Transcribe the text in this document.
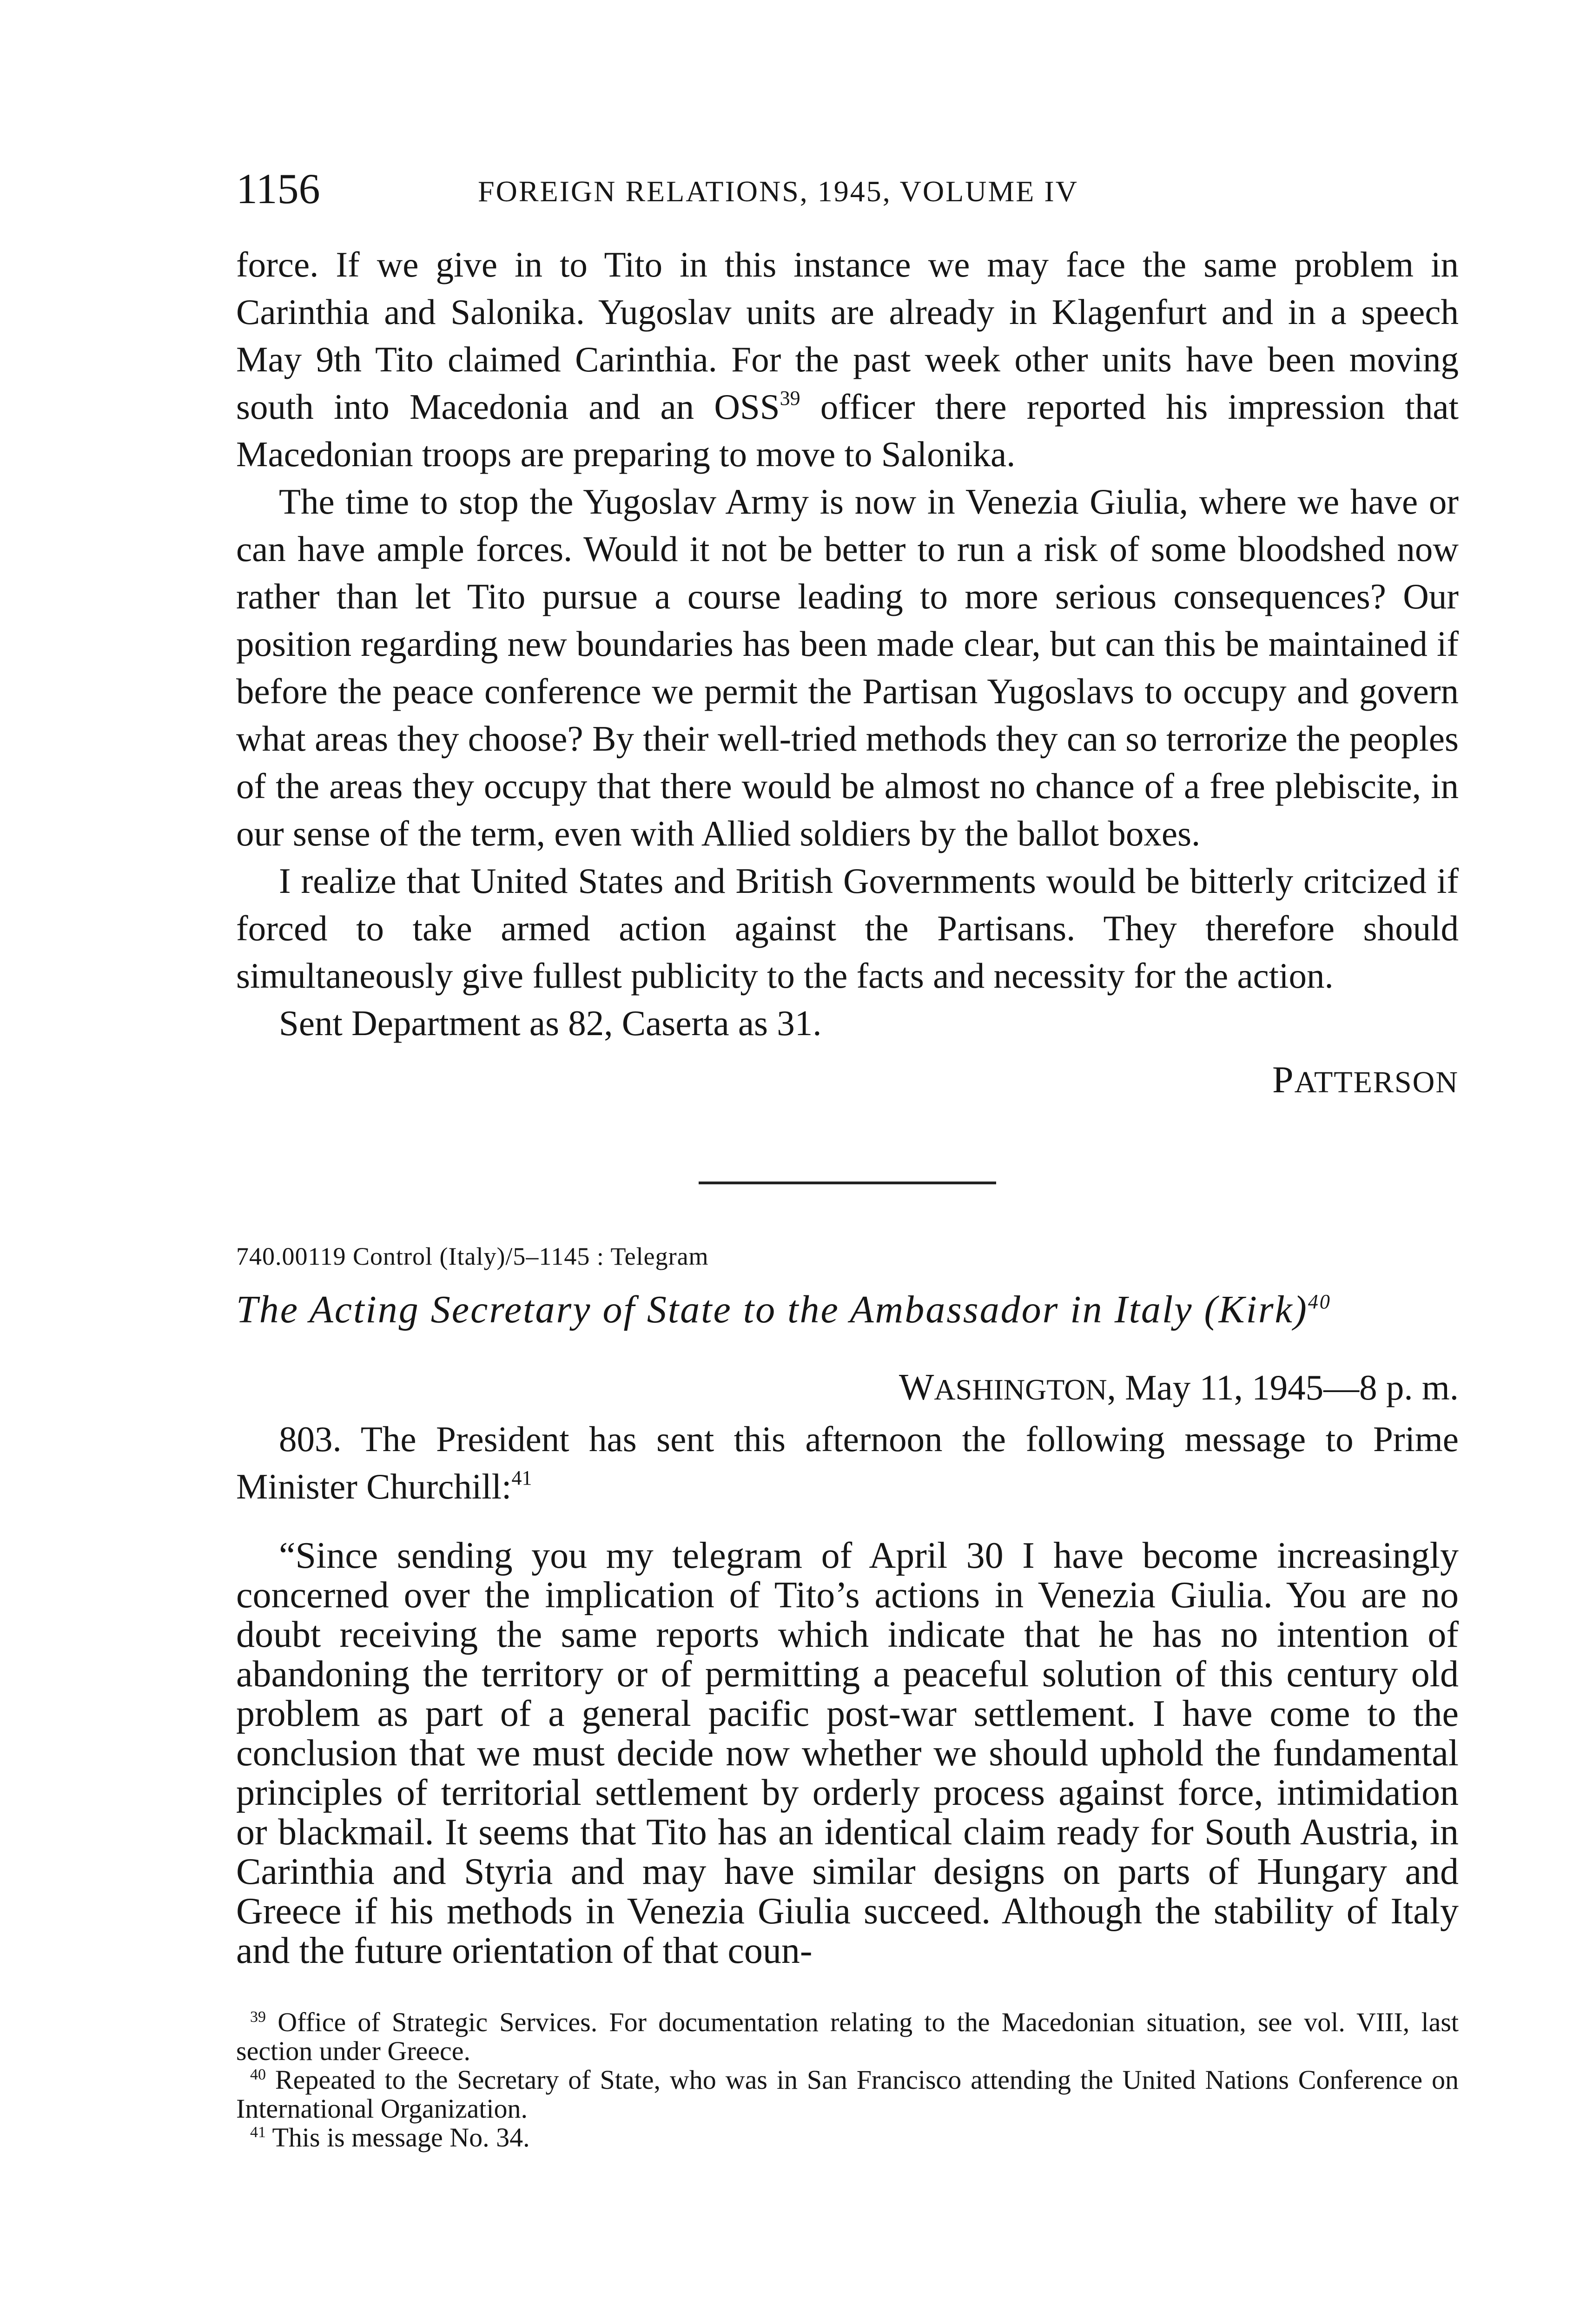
1156	FOREIGN RELATIONS, 1945, VOLUME IV

force. If we give in to Tito in this instance we may face the same problem in Carinthia and Salonika. Yugoslav units are already in Klagenfurt and in a speech May 9th Tito claimed Carinthia. For the past week other units have been moving south into Macedonia and an OSS$^{39}$ officer there reported his impression that Macedonian troops are preparing to move to Salonika.

The time to stop the Yugoslav Army is now in Venezia Giulia, where we have or can have ample forces. Would it not be better to run a risk of some bloodshed now rather than let Tito pursue a course leading to more serious consequences? Our position regarding new boundaries has been made clear, but can this be maintained if before the peace conference we permit the Partisan Yugoslavs to occupy and govern what areas they choose? By their well-tried methods they can so terrorize the peoples of the areas they occupy that there would be almost no chance of a free plebiscite, in our sense of the term, even with Allied soldiers by the ballot boxes.

I realize that United States and British Governments would be bitterly critcized if forced to take armed action against the Partisans. They therefore should simultaneously give fullest publicity to the facts and necessity for the action.

Sent Department as 82, Caserta as 31.

PATTERSON
740.00119 Control (Italy)/5–1145 : Telegram
The Acting Secretary of State to the Ambassador in Italy (Kirk)$^{40}$
WASHINGTON, May 11, 1945—8 p. m.

803. The President has sent this afternoon the following message to Prime Minister Churchill:$^{41}$

“Since sending you my telegram of April 30 I have become increasingly concerned over the implication of Tito’s actions in Venezia Giulia. You are no doubt receiving the same reports which indicate that he has no intention of abandoning the territory or of permitting a peaceful solution of this century old problem as part of a general pacific post-war settlement. I have come to the conclusion that we must decide now whether we should uphold the fundamental principles of territorial settlement by orderly process against force, intimidation or blackmail. It seems that Tito has an identical claim ready for South Austria, in Carinthia and Styria and may have similar designs on parts of Hungary and Greece if his methods in Venezia Giulia succeed. Although the stability of Italy and the future orientation of that coun-

$^{39}$ Office of Strategic Services. For documentation relating to the Macedonian situation, see vol. VIII, last section under Greece.

$^{40}$ Repeated to the Secretary of State, who was in San Francisco attending the United Nations Conference on International Organization.

$^{41}$ This is message No. 34.
